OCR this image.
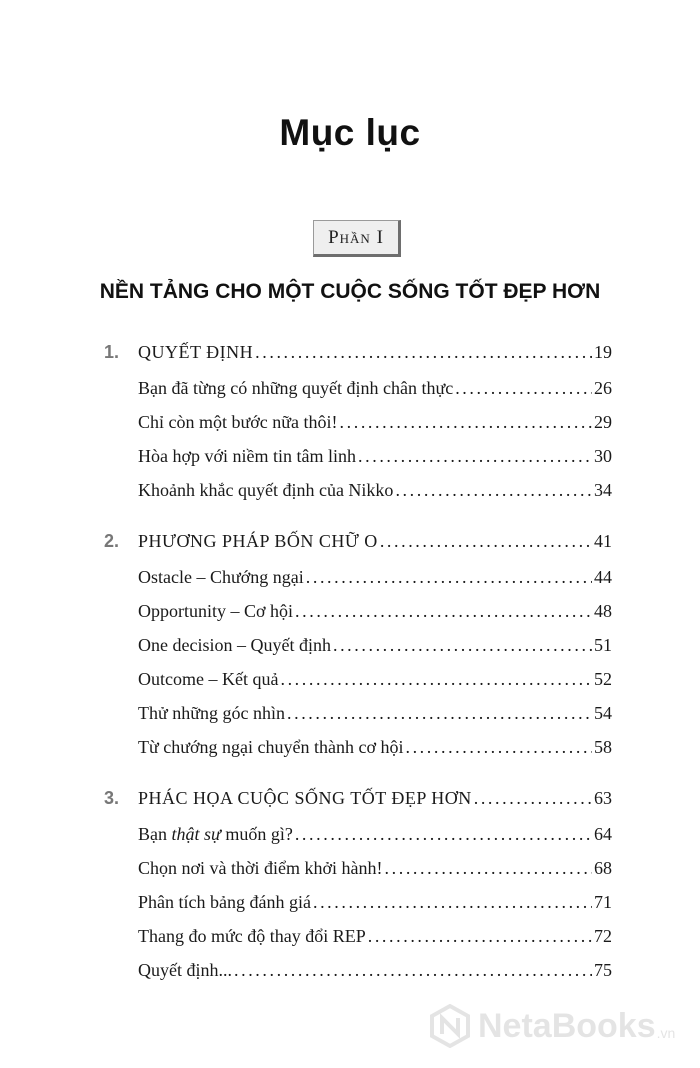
Mục lục
Phần I
NỀN TẢNG CHO MỘT CUỘC SỐNG TỐT ĐẸP HƠN
1.	QUYẾT ĐỊNH .....	19
Bạn đã từng có những quyết định chân thực .....	26
Chỉ còn một bước nữa thôi! .....	29
Hòa hợp với niềm tin tâm linh .....	30
Khoảnh khắc quyết định của Nikko .....	34
2.	PHƯƠNG PHÁP BỐN CHỮ O .....	41
Ostacle – Chướng ngại .....	44
Opportunity – Cơ hội .....	48
One decision – Quyết định .....	51
Outcome – Kết quả .....	52
Thử những góc nhìn .....	54
Từ chướng ngại chuyển thành cơ hội .....	58
3.	PHÁC HỌA CUỘC SỐNG TỐT ĐẸP HƠN .....	63
Bạn thật sự muốn gì? .....	64
Chọn nơi và thời điểm khởi hành! .....	68
Phân tích bảng đánh giá .....	71
Thang đo mức độ thay đổi REP .....	72
Quyết định... .....	75
NetaBooks .vn
